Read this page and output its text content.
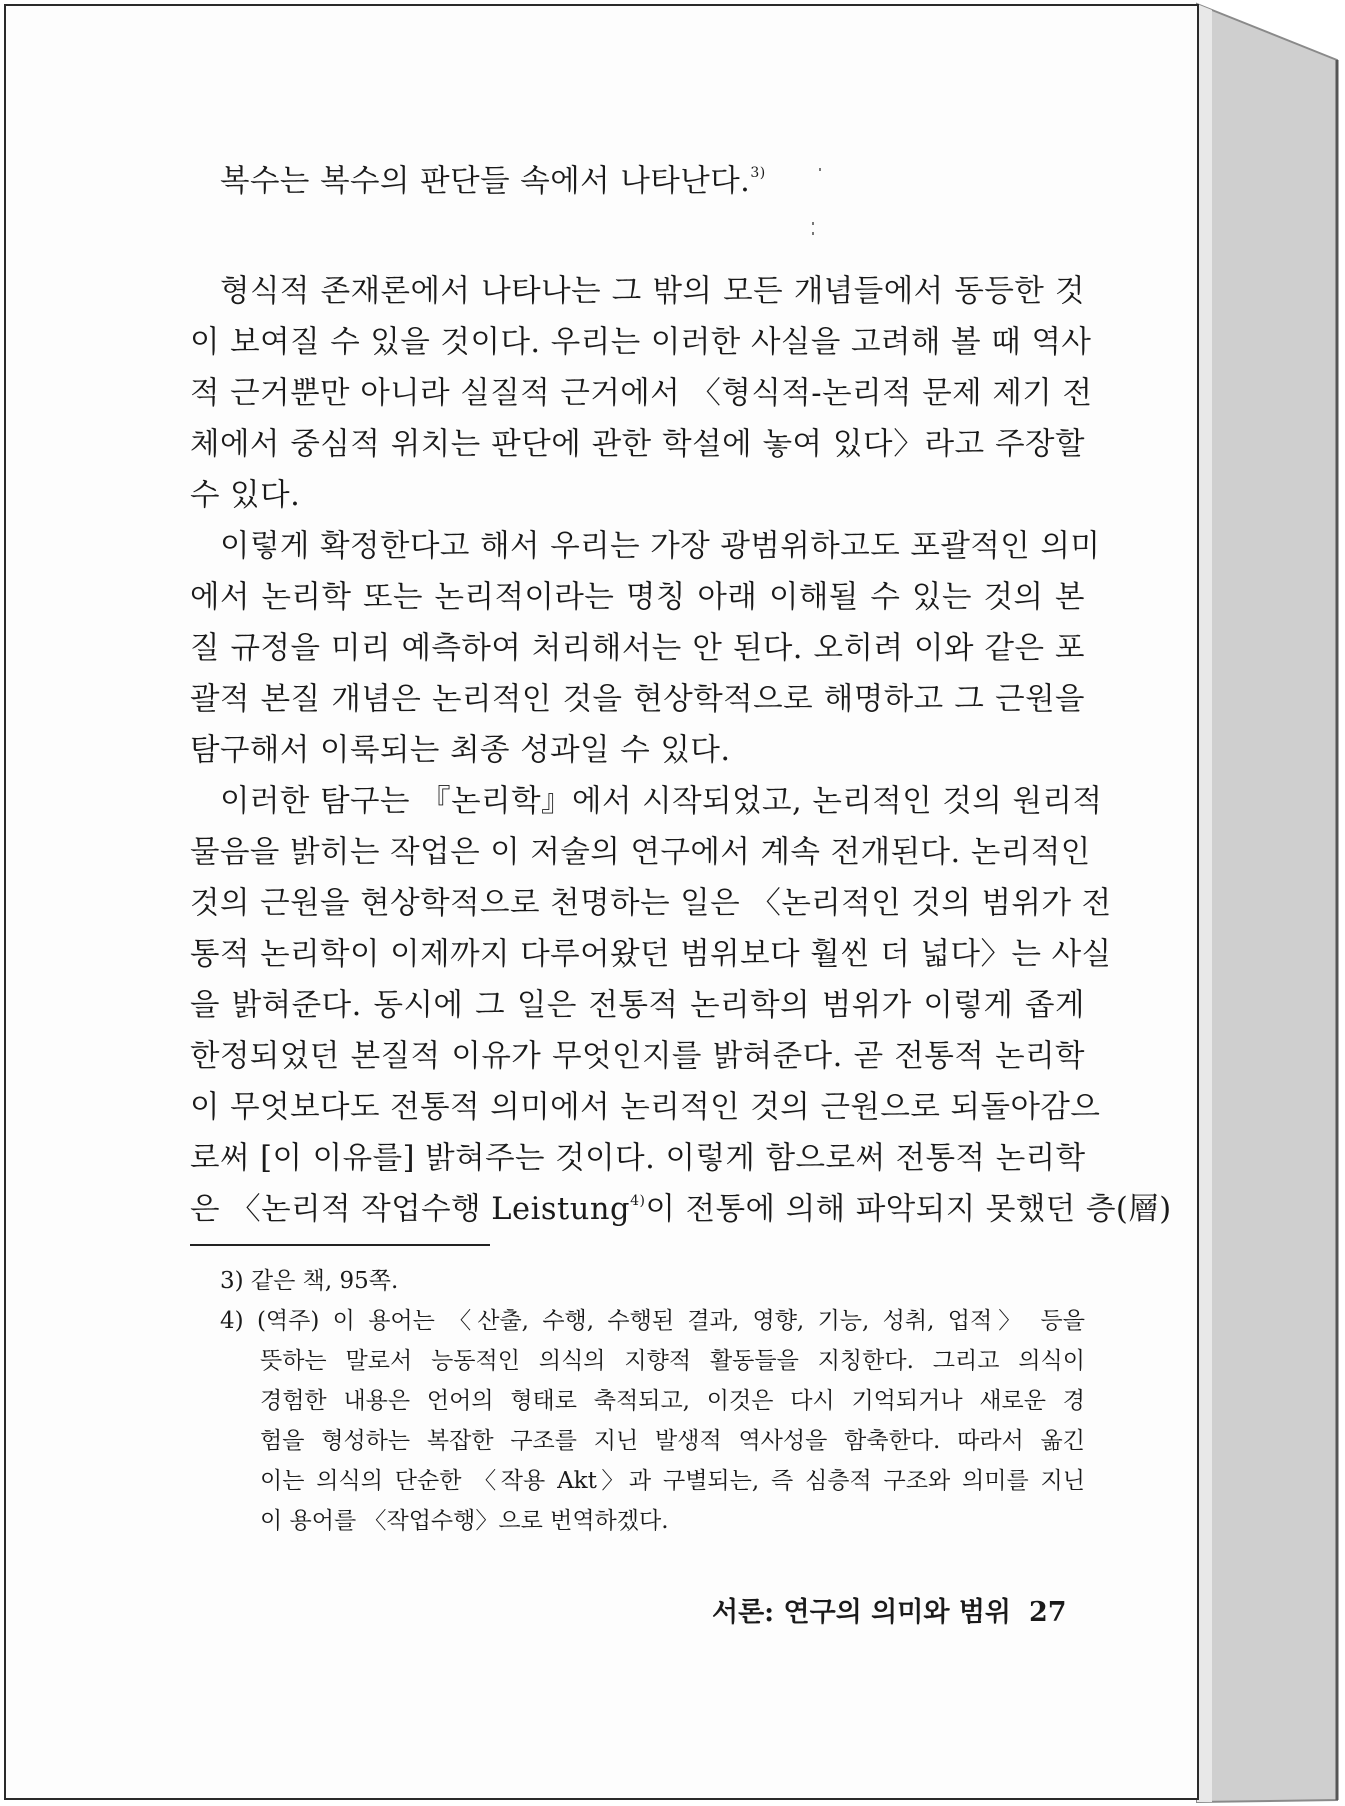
복수는 복수의 판단들 속에서 나타난다.$^{3)}$
형식적 존재론에서 나타나는 그 밖의 모든 개념들에서 동등한 것
이 보여질 수 있을 것이다. 우리는 이러한 사실을 고려해 볼 때 역사
적 근거뿐만 아니라 실질적 근거에서 〈형식적-논리적 문제 제기 전
체에서 중심적 위치는 판단에 관한 학설에 놓여 있다〉라고 주장할
수 있다.
이렇게 확정한다고 해서 우리는 가장 광범위하고도 포괄적인 의미
에서 논리학 또는 논리적이라는 명칭 아래 이해될 수 있는 것의 본
질 규정을 미리 예측하여 처리해서는 안 된다. 오히려 이와 같은 포
괄적 본질 개념은 논리적인 것을 현상학적으로 해명하고 그 근원을
탐구해서 이룩되는 최종 성과일 수 있다.
이러한 탐구는 『논리학』에서 시작되었고, 논리적인 것의 원리적
물음을 밝히는 작업은 이 저술의 연구에서 계속 전개된다. 논리적인
것의 근원을 현상학적으로 천명하는 일은 〈논리적인 것의 범위가 전
통적 논리학이 이제까지 다루어왔던 범위보다 훨씬 더 넓다〉는 사실
을 밝혀준다. 동시에 그 일은 전통적 논리학의 범위가 이렇게 좁게
한정되었던 본질적 이유가 무엇인지를 밝혀준다. 곧 전통적 논리학
이 무엇보다도 전통적 의미에서 논리적인 것의 근원으로 되돌아감으
로써 [이 이유를] 밝혀주는 것이다. 이렇게 함으로써 전통적 논리학
은 〈논리적 작업수행 Leistung$^{4)}$이 전통에 의해 파악되지 못했던 층(層)
3) 같은 책, 95쪽.
4) (역주) 이 용어는 〈산출, 수행, 수행된 결과, 영향, 기능, 성취, 업적〉 등을
뜻하는 말로서 능동적인 의식의 지향적 활동들을 지칭한다. 그리고 의식이
경험한 내용은 언어의 형태로 축적되고, 이것은 다시 기억되거나 새로운 경
험을 형성하는 복잡한 구조를 지닌 발생적 역사성을 함축한다. 따라서 옮긴
이는 의식의 단순한 〈작용 Akt〉과 구별되는, 즉 심층적 구조와 의미를 지닌
이 용어를 〈작업수행〉으로 번역하겠다.
서론: 연구의 의미와 범위 27
